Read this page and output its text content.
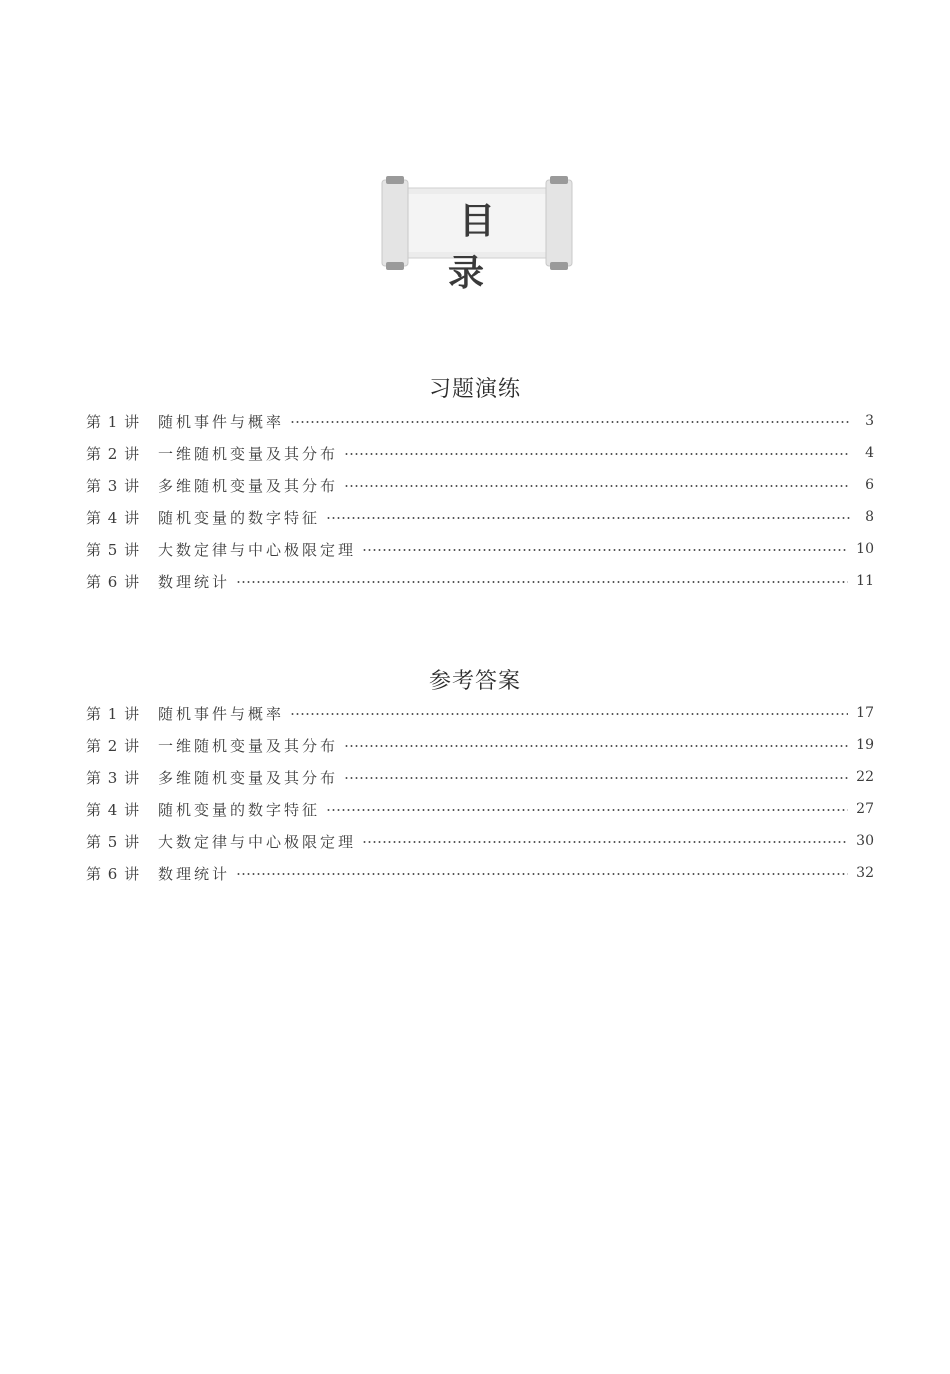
目 录
习题演练
第 1 讲	随机事件与概率	3
第 2 讲	一维随机变量及其分布	4
第 3 讲	多维随机变量及其分布	6
第 4 讲	随机变量的数字特征	8
第 5 讲	大数定律与中心极限定理	10
第 6 讲	数理统计	11
参考答案
第 1 讲	随机事件与概率	17
第 2 讲	一维随机变量及其分布	19
第 3 讲	多维随机变量及其分布	22
第 4 讲	随机变量的数字特征	27
第 5 讲	大数定律与中心极限定理	30
第 6 讲	数理统计	32
